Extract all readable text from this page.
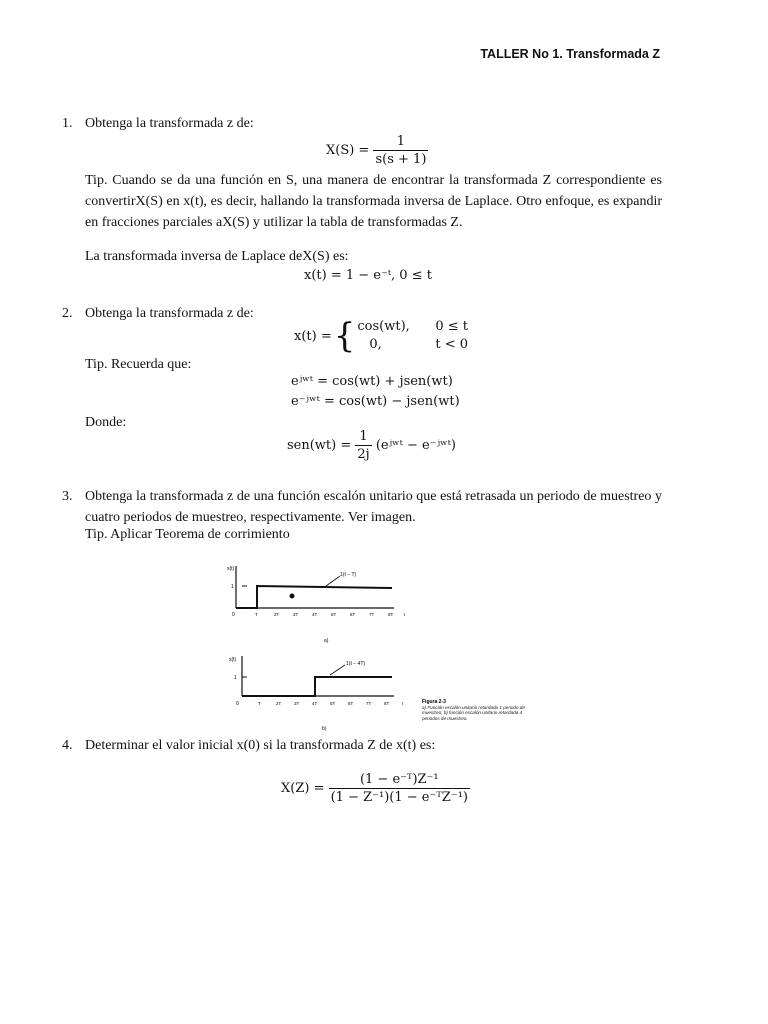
TALLER No 1. Transformada Z
1. Obtenga la transformada z de:
$X(S) = \frac{1}{s(s + 1)}$
Tip. Cuando se da una función en S, una manera de encontrar la transformada Z correspondiente es convertirX(S) en x(t), es decir, hallando la transformada inversa de Laplace. Otro enfoque, es expandir en fracciones parciales aX(S) y utilizar la tabla de transformadas Z.
La transformada inversa de Laplace deX(S) es:
x(t) = 1 − e⁻ᵗ, 0 ≤ t
2. Obtenga la transformada z de:
x(t) = { cos(wt),	0 ≤ t
0,	t < 0
Tip. Recuerda que:
eʲʷᵗ = cos(wt) + jsen(wt)
e⁻ʲʷᵗ = cos(wt) − jsen(wt)
Donde:
$sen(wt) = \frac{1}{2j}$ (eʲʷᵗ − e⁻ʲʷᵗ)
3. Obtenga la transformada z de una función escalón unitario que está retrasada un periodo de muestreo y cuatro periodos de muestreo, respectivamente. Ver imagen.
Tip. Aplicar Teorema de corrimiento
x(t)
1
0
1(t − T)
T	2T	3T	4T	5T	6T	7T	8T t
a)
x(t)
1
0
1(t − 4T)
T	2T	3T	4T	5T	6T	7T	8T	t
b)
Figura 2-3
a) Función escalón unitario retardada 1 periodo de muestreo; b) función escalón unitario retardada 4 periodos de muestreo.
4. Determinar el valor inicial x(0) si la transformada Z de x(t) es:
$X(Z) = \frac{\text{(1 − e⁻ᵀ)Z⁻¹}}{\text{(1 − Z⁻¹)(1 − e⁻ᵀZ⁻¹)}}$
